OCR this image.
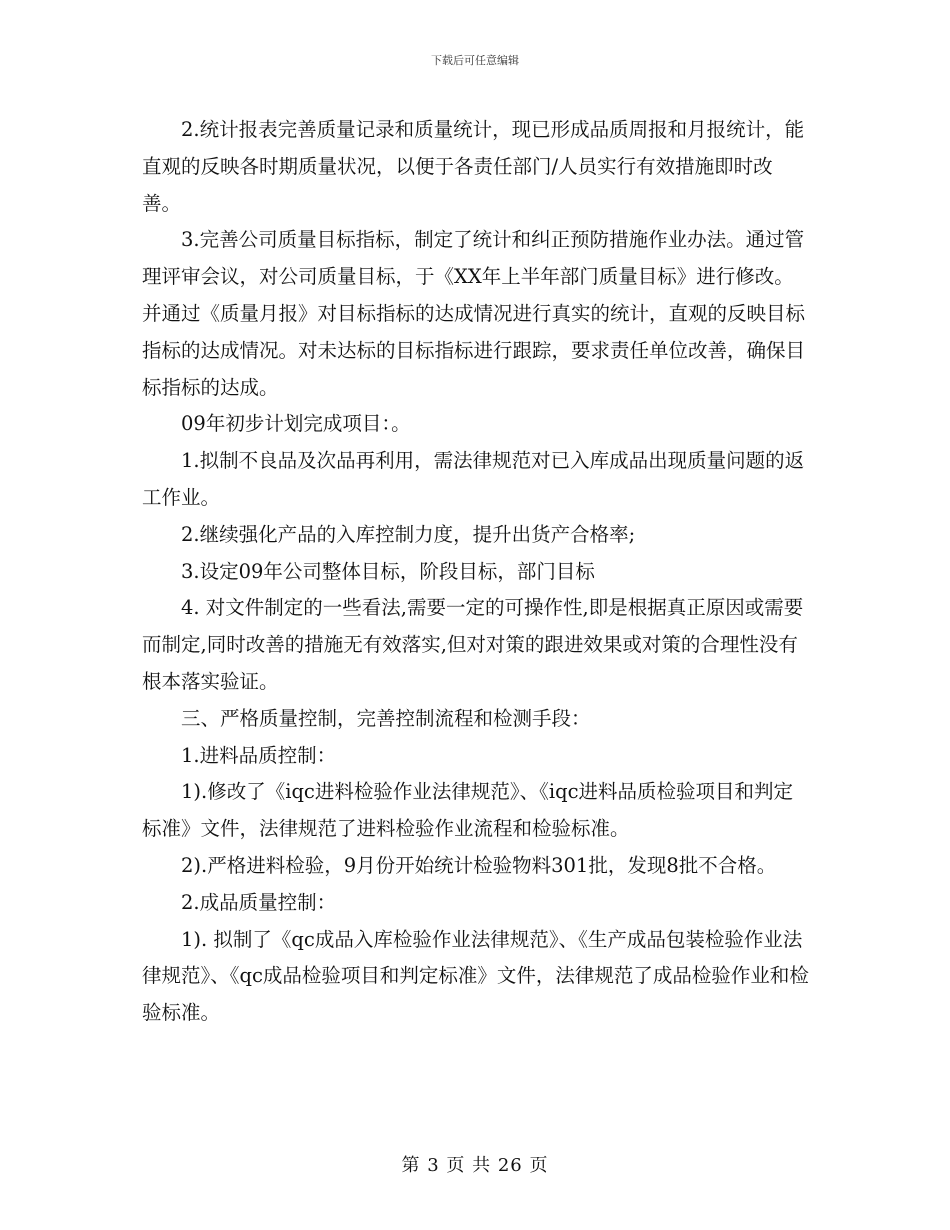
下载后可任意编辑

2.统计报表完善质量记录和质量统计，现已形成品质周报和月报统计，能直观的反映各时期质量状况，以便于各责任部门/人员实行有效措施即时改善。

3.完善公司质量目标指标，制定了统计和纠正预防措施作业办法。通过管理评审会议，对公司质量目标，于《XX年上半年部门质量目标》进行修改。并通过《质量月报》对目标指标的达成情况进行真实的统计，直观的反映目标指标的达成情况。对未达标的目标指标进行跟踪，要求责任单位改善，确保目标指标的达成。

09年初步计划完成项目：。

1.拟制不良品及次品再利用，需法律规范对已入库成品出现质量问题的返工作业。

2.继续强化产品的入库控制力度，提升出货产合格率;

3.设定09年公司整体目标，阶段目标，部门目标

4. 对文件制定的一些看法,需要一定的可操作性,即是根据真正原因或需要而制定,同时改善的措施无有效落实,但对对策的跟进效果或对策的合理性没有根本落实验证。

三、严格质量控制，完善控制流程和检测手段：

1.进料品质控制：

1).修改了《iqc进料检验作业法律规范》、《iqc进料品质检验项目和判定标准》文件，法律规范了进料检验作业流程和检验标准。

2).严格进料检验，9月份开始统计检验物料301批，发现8批不合格。

2.成品质量控制：

1). 拟制了《qc成品入库检验作业法律规范》、《生产成品包装检验作业法律规范》、《qc成品检验项目和判定标准》文件，法律规范了成品检验作业和检验标准。

第 3 页 共 26 页
